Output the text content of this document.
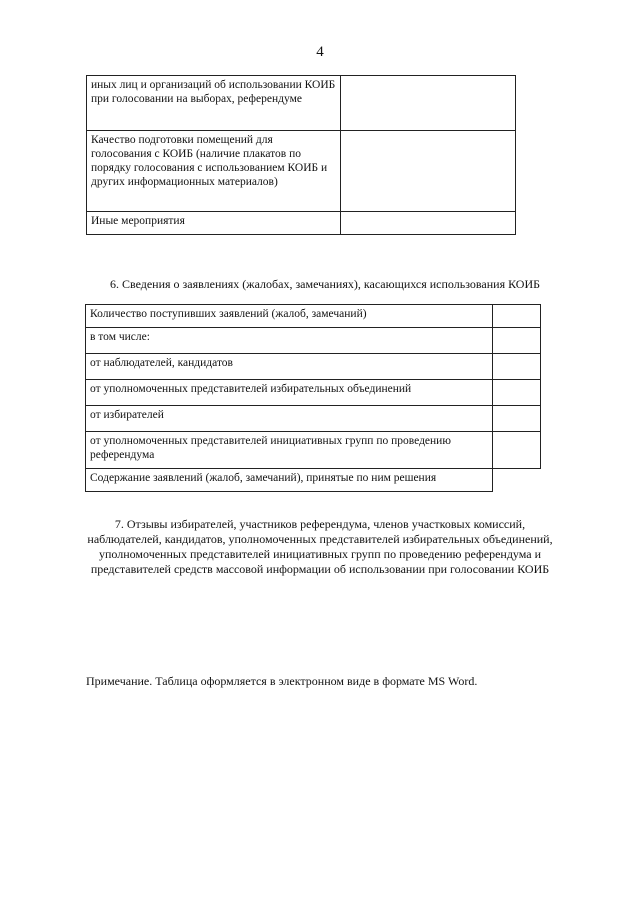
4
иных лиц и организаций об использовании КОИБ при голосовании на выборах, референдуме	
Качество подготовки помещений для голосования с КОИБ (наличие плакатов по порядку голосования с использованием КОИБ и других информационных материалов)	
Иные мероприятия	
6. Сведения о заявлениях (жалобах, замечаниях), касающихся использования КОИБ
Количество поступивших заявлений (жалоб, замечаний)	
в том числе:	
от наблюдателей, кандидатов	
от уполномоченных представителей избирательных объединений	
от избирателей	
от уполномоченных представителей инициативных групп по проведению референдума	
Содержание заявлений (жалоб, замечаний), принятые по ним решения	
7. Отзывы избирателей, участников референдума, членов участковых комиссий, наблюдателей, кандидатов, уполномоченных представителей избирательных объединений, уполномоченных представителей инициативных групп по проведению референдума и представителей средств массовой информации об использовании при голосовании КОИБ
Примечание. Таблица оформляется в электронном виде в формате MS Word.
